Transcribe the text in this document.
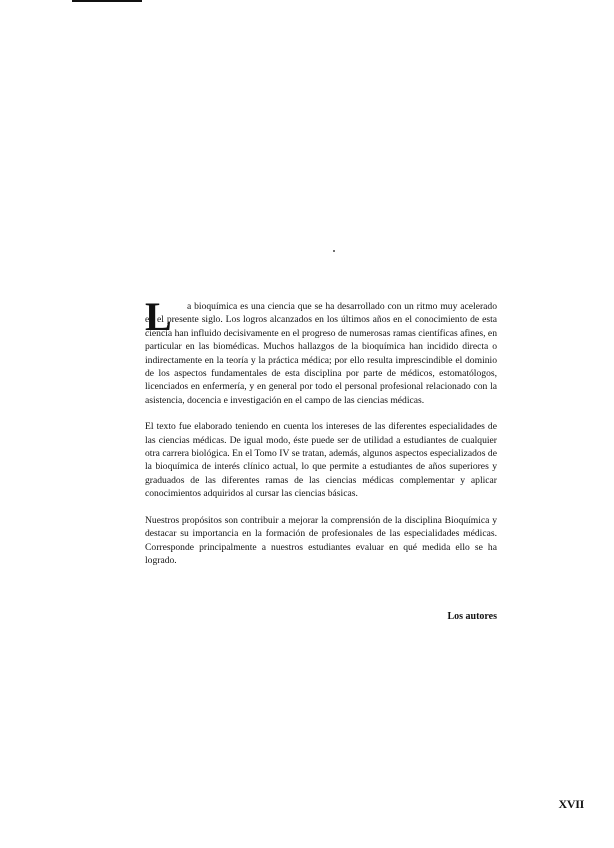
L	a bioquímica es una ciencia que se ha desarrollado con un ritmo muy acelerado en el presente siglo. Los logros alcanzados en los últimos años en el conocimiento de esta ciencia han influido decisivamente en el progreso de numerosas ramas científicas afines, en particular en las biomédicas. Muchos hallazgos de la bioquímica han incidido directa o indirectamente en la teoría y la práctica médica; por ello resulta imprescindible el dominio de los aspectos fundamentales de esta disciplina por parte de médicos, estomatólogos, licenciados en enfermería, y en general por todo el personal profesional relacionado con la asistencia, docencia e investigación en el campo de las ciencias médicas.

El texto fue elaborado teniendo en cuenta los intereses de las diferentes especialidades de las ciencias médicas. De igual modo, éste puede ser de utilidad a estudiantes de cualquier otra carrera biológica. En el Tomo IV se tratan, además, algunos aspectos especializados de la bioquímica de interés clínico actual, lo que permite a estudiantes de años superiores y graduados de las diferentes ramas de las ciencias médicas complementar y aplicar conocimientos adquiridos al cursar las ciencias básicas.

Nuestros propósitos son contribuir a mejorar la comprensión de la disciplina Bioquímica y destacar su importancia en la formación de profesionales de las especialidades médicas. Corresponde principalmente a nuestros estudiantes evaluar en qué medida ello se ha logrado.

Los autores
XVII
